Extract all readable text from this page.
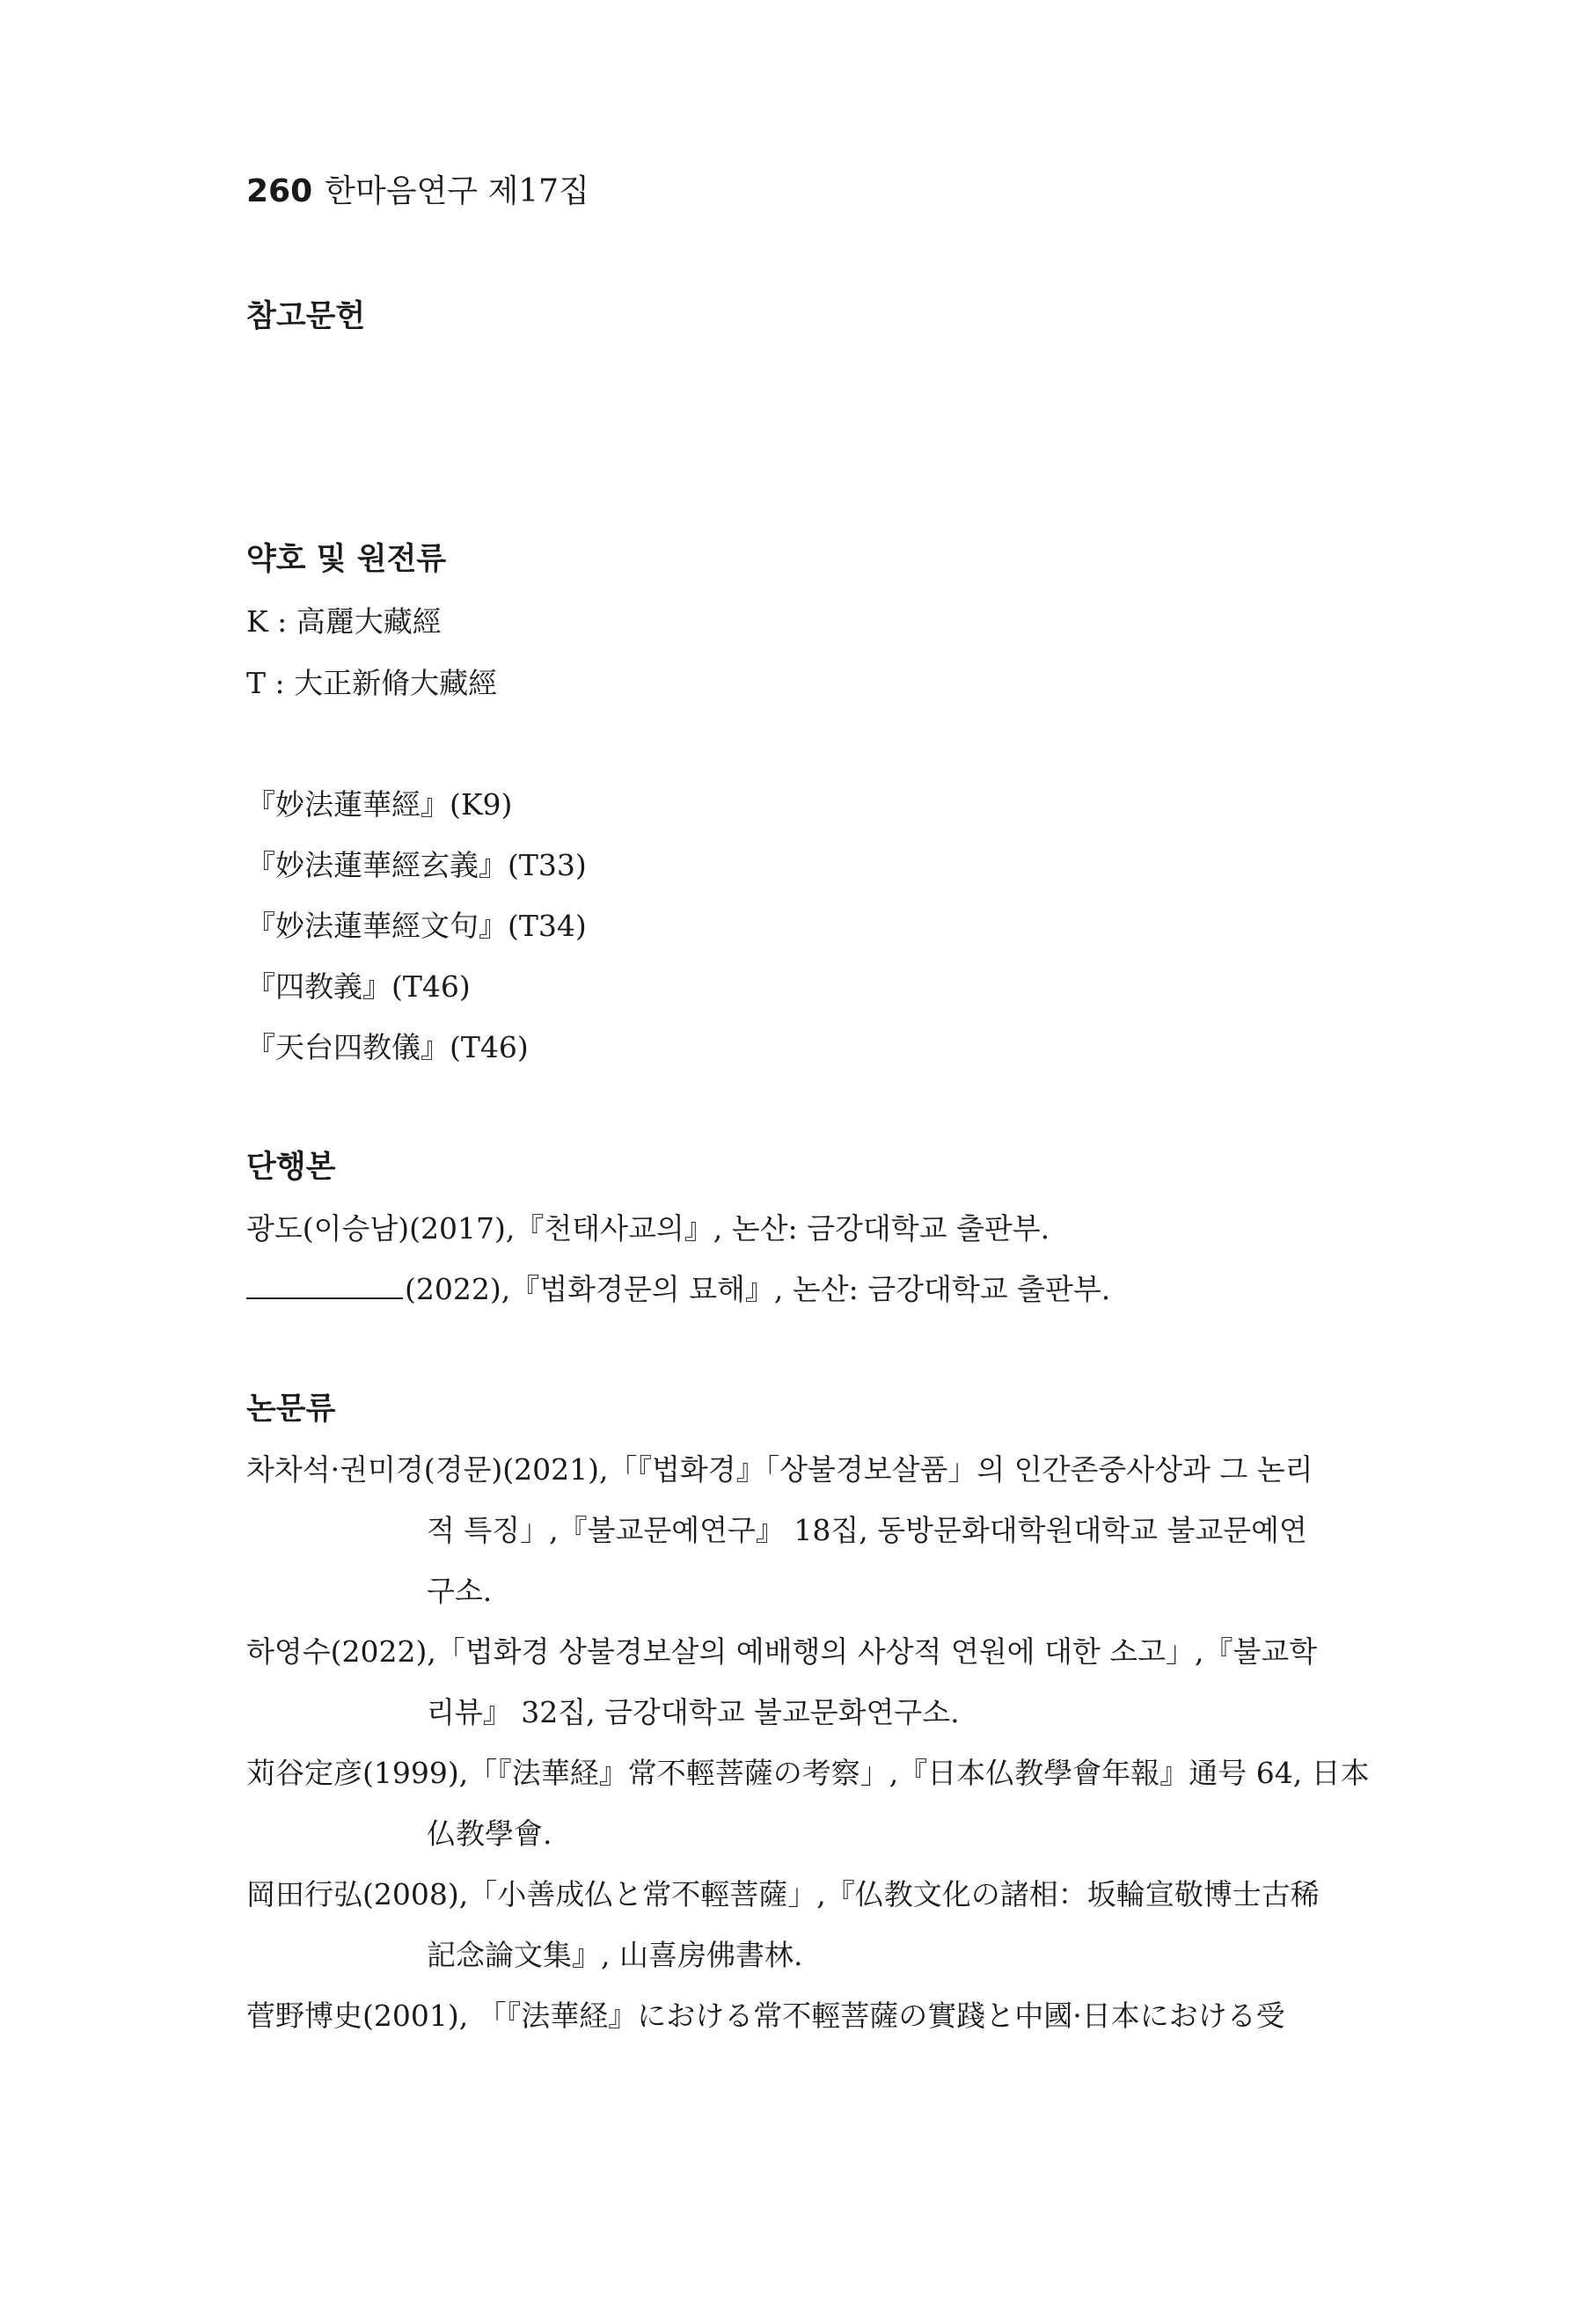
260 한마음연구 제17집
참고문헌
약호 및 원전류
K : 高麗大藏經
T : 大正新脩大藏經
『妙法蓮華經』(K9)
『妙法蓮華經玄義』(T33)
『妙法蓮華經文句』(T34)
『四教義』(T46)
『天台四教儀』(T46)
단행본
광도(이승남)(2017),『천태사교의』, 논산: 금강대학교 출판부.
(2022),『법화경문의 묘해』, 논산: 금강대학교 출판부.
논문류
차차석·권미경(경문)(2021),「『법화경』「상불경보살품」의 인간존중사상과 그 논리
적 특징」,『불교문예연구』 18집, 동방문화대학원대학교 불교문예연
구소.
하영수(2022),「법화경 상불경보살의 예배행의 사상적 연원에 대한 소고」,『불교학
리뷰』 32집, 금강대학교 불교문화연구소.
苅谷定彦(1999),「『法華経』常不輕菩薩の考察」,『日本仏教學會年報』通号 64, 日本
仏教學會.
岡田行弘(2008),「小善成仏と常不輕菩薩」,『仏教文化の諸相：坂輪宣敬博士古稀
記念論文集』, 山喜房佛書林.
菅野博史(2001), 「『法華経』における常不輕菩薩の實踐と中國·日本における受
